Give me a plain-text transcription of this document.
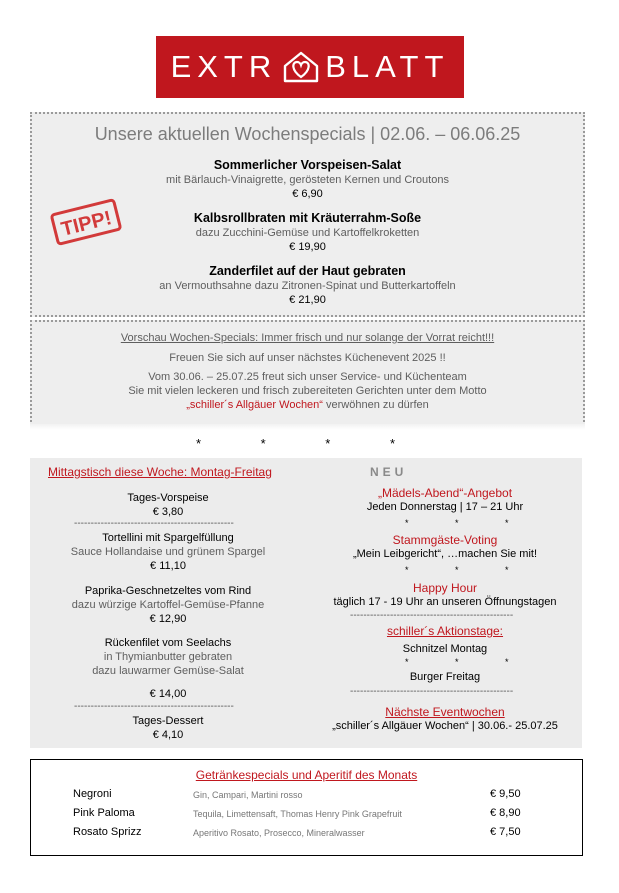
EXTR BLATT
Unsere aktuellen Wochenspecials | 02.06. – 06.06.25
Sommerlicher Vorspeisen-Salat
mit Bärlauch-Vinaigrette, gerösteten Kernen und Croutons
€ 6,90
Kalbsrollbraten mit Kräuterrahm-Soße
dazu Zucchini-Gemüse und Kartoffelkroketten
€ 19,90
Zanderfilet auf der Haut gebraten
an Vermouthsahne dazu Zitronen-Spinat und Butterkartoffeln
€ 21,90
TIPP!

Vorschau Wochen-Specials: Immer frisch und nur solange der Vorrat reicht!!!

Freuen Sie sich auf unser nächstes Küchenevent 2025 !!

Vom 30.06. – 25.07.25 freut sich unser Service- und Küchenteam

Sie mit vielen leckeren und frisch zubereiteten Gerichten unter dem Motto

„schiller´s Allgäuer Wochen“ verwöhnen zu dürfen

* * * *
Mittagstisch diese Woche: Montag-Freitag
Tages-Vorspeise
€ 3,80
------------------------------------------------
Tortellini mit Spargelfüllung
Sauce Hollandaise und grünem Spargel
€ 11,10
Paprika-Geschnetzeltes vom Rind
dazu würzige Kartoffel-Gemüse-Pfanne
€ 12,90
Rückenfilet vom Seelachs
in Thymianbutter gebraten
dazu lauwarmer Gemüse-Salat
€ 14,00
------------------------------------------------
Tages-Dessert
€ 4,10
NEU
„Mädels-Abend“-Angebot
Jeden Donnerstag | 17 – 21 Uhr
* * *
Stammgäste-Voting
„Mein Leibgericht“, …machen Sie mit!
* * *
Happy Hour
täglich 17 - 19 Uhr an unseren Öffnungstagen
-------------------------------------------------
schiller´s Aktionstage:
Schnitzel Montag
* * *
Burger Freitag
-------------------------------------------------
Nächste Eventwochen
„schiller´s Allgäuer Wochen“ | 30.06.- 25.07.25
Getränkespecials und Aperitif des Monats
Negroni	Gin, Campari, Martini rosso	€ 9,50
Pink Paloma	Tequila, Limettensaft, Thomas Henry Pink Grapefruit	€ 8,90
Rosato Sprizz	Aperitivo Rosato, Prosecco, Mineralwasser	€ 7,50
